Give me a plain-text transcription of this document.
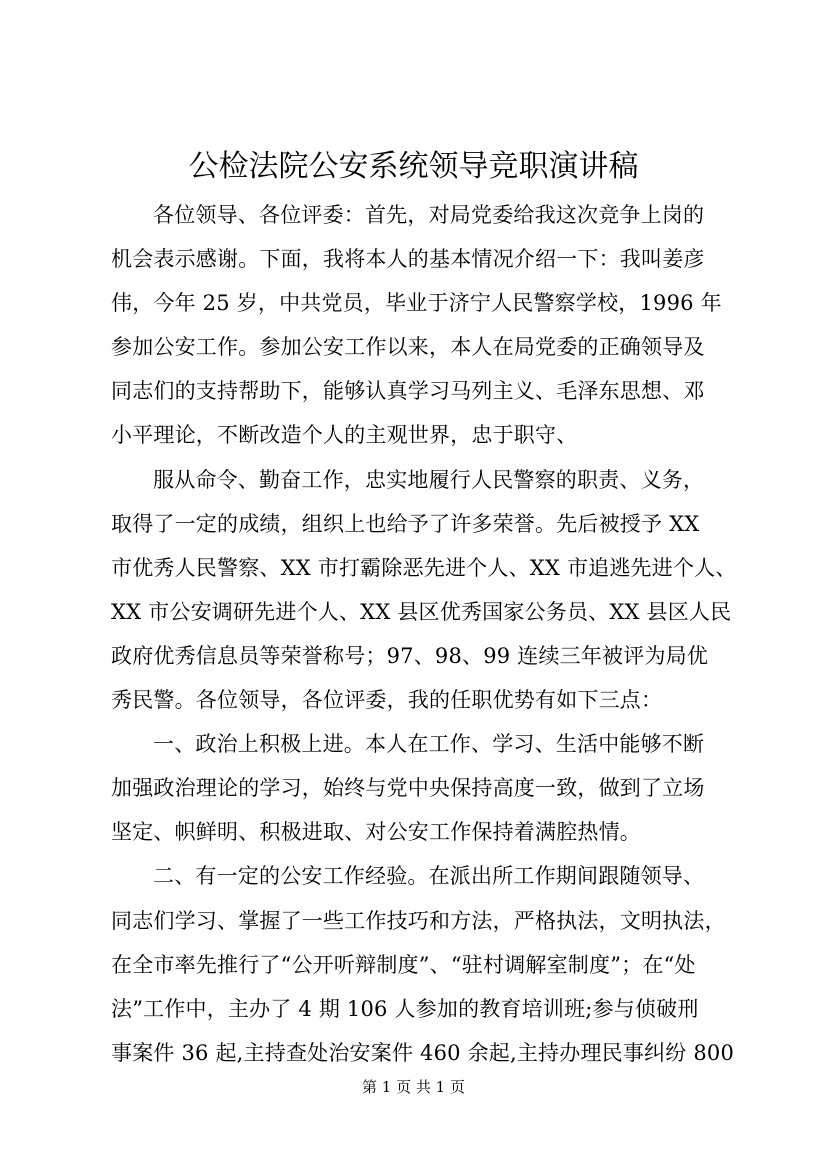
公检法院公安系统领导竞职演讲稿
各位领导、各位评委：首先，对局党委给我这次竞争上岗的
机会表示感谢。下面，我将本人的基本情况介绍一下：我叫姜彦
伟，今年 25 岁，中共党员，毕业于济宁人民警察学校，1996 年
参加公安工作。参加公安工作以来，本人在局党委的正确领导及
同志们的支持帮助下，能够认真学习马列主义、毛泽东思想、邓
小平理论，不断改造个人的主观世界，忠于职守、
服从命令、勤奋工作，忠实地履行人民警察的职责、义务，
取得了一定的成绩，组织上也给予了许多荣誉。先后被授予 XX
市优秀人民警察、XX 市打霸除恶先进个人、XX 市追逃先进个人、
XX 市公安调研先进个人、XX 县区优秀国家公务员、XX 县区人民
政府优秀信息员等荣誉称号；97、98、99 连续三年被评为局优
秀民警。各位领导，各位评委，我的任职优势有如下三点：
一、政治上积极上进。本人在工作、学习、生活中能够不断
加强政治理论的学习，始终与党中央保持高度一致，做到了立场
坚定、帜鲜明、积极进取、对公安工作保持着满腔热情。
二、有一定的公安工作经验。在派出所工作期间跟随领导、
同志们学习、掌握了一些工作技巧和方法，严格执法，文明执法，
在全市率先推行了“公开听辩制度”、“驻村调解室制度”；在“处
法”工作中，主办了 4 期 106 人参加的教育培训班;参与侦破刑
事案件 36 起,主持查处治安案件 460 余起,主持办理民事纠纷 800
第 1 页 共 1 页
